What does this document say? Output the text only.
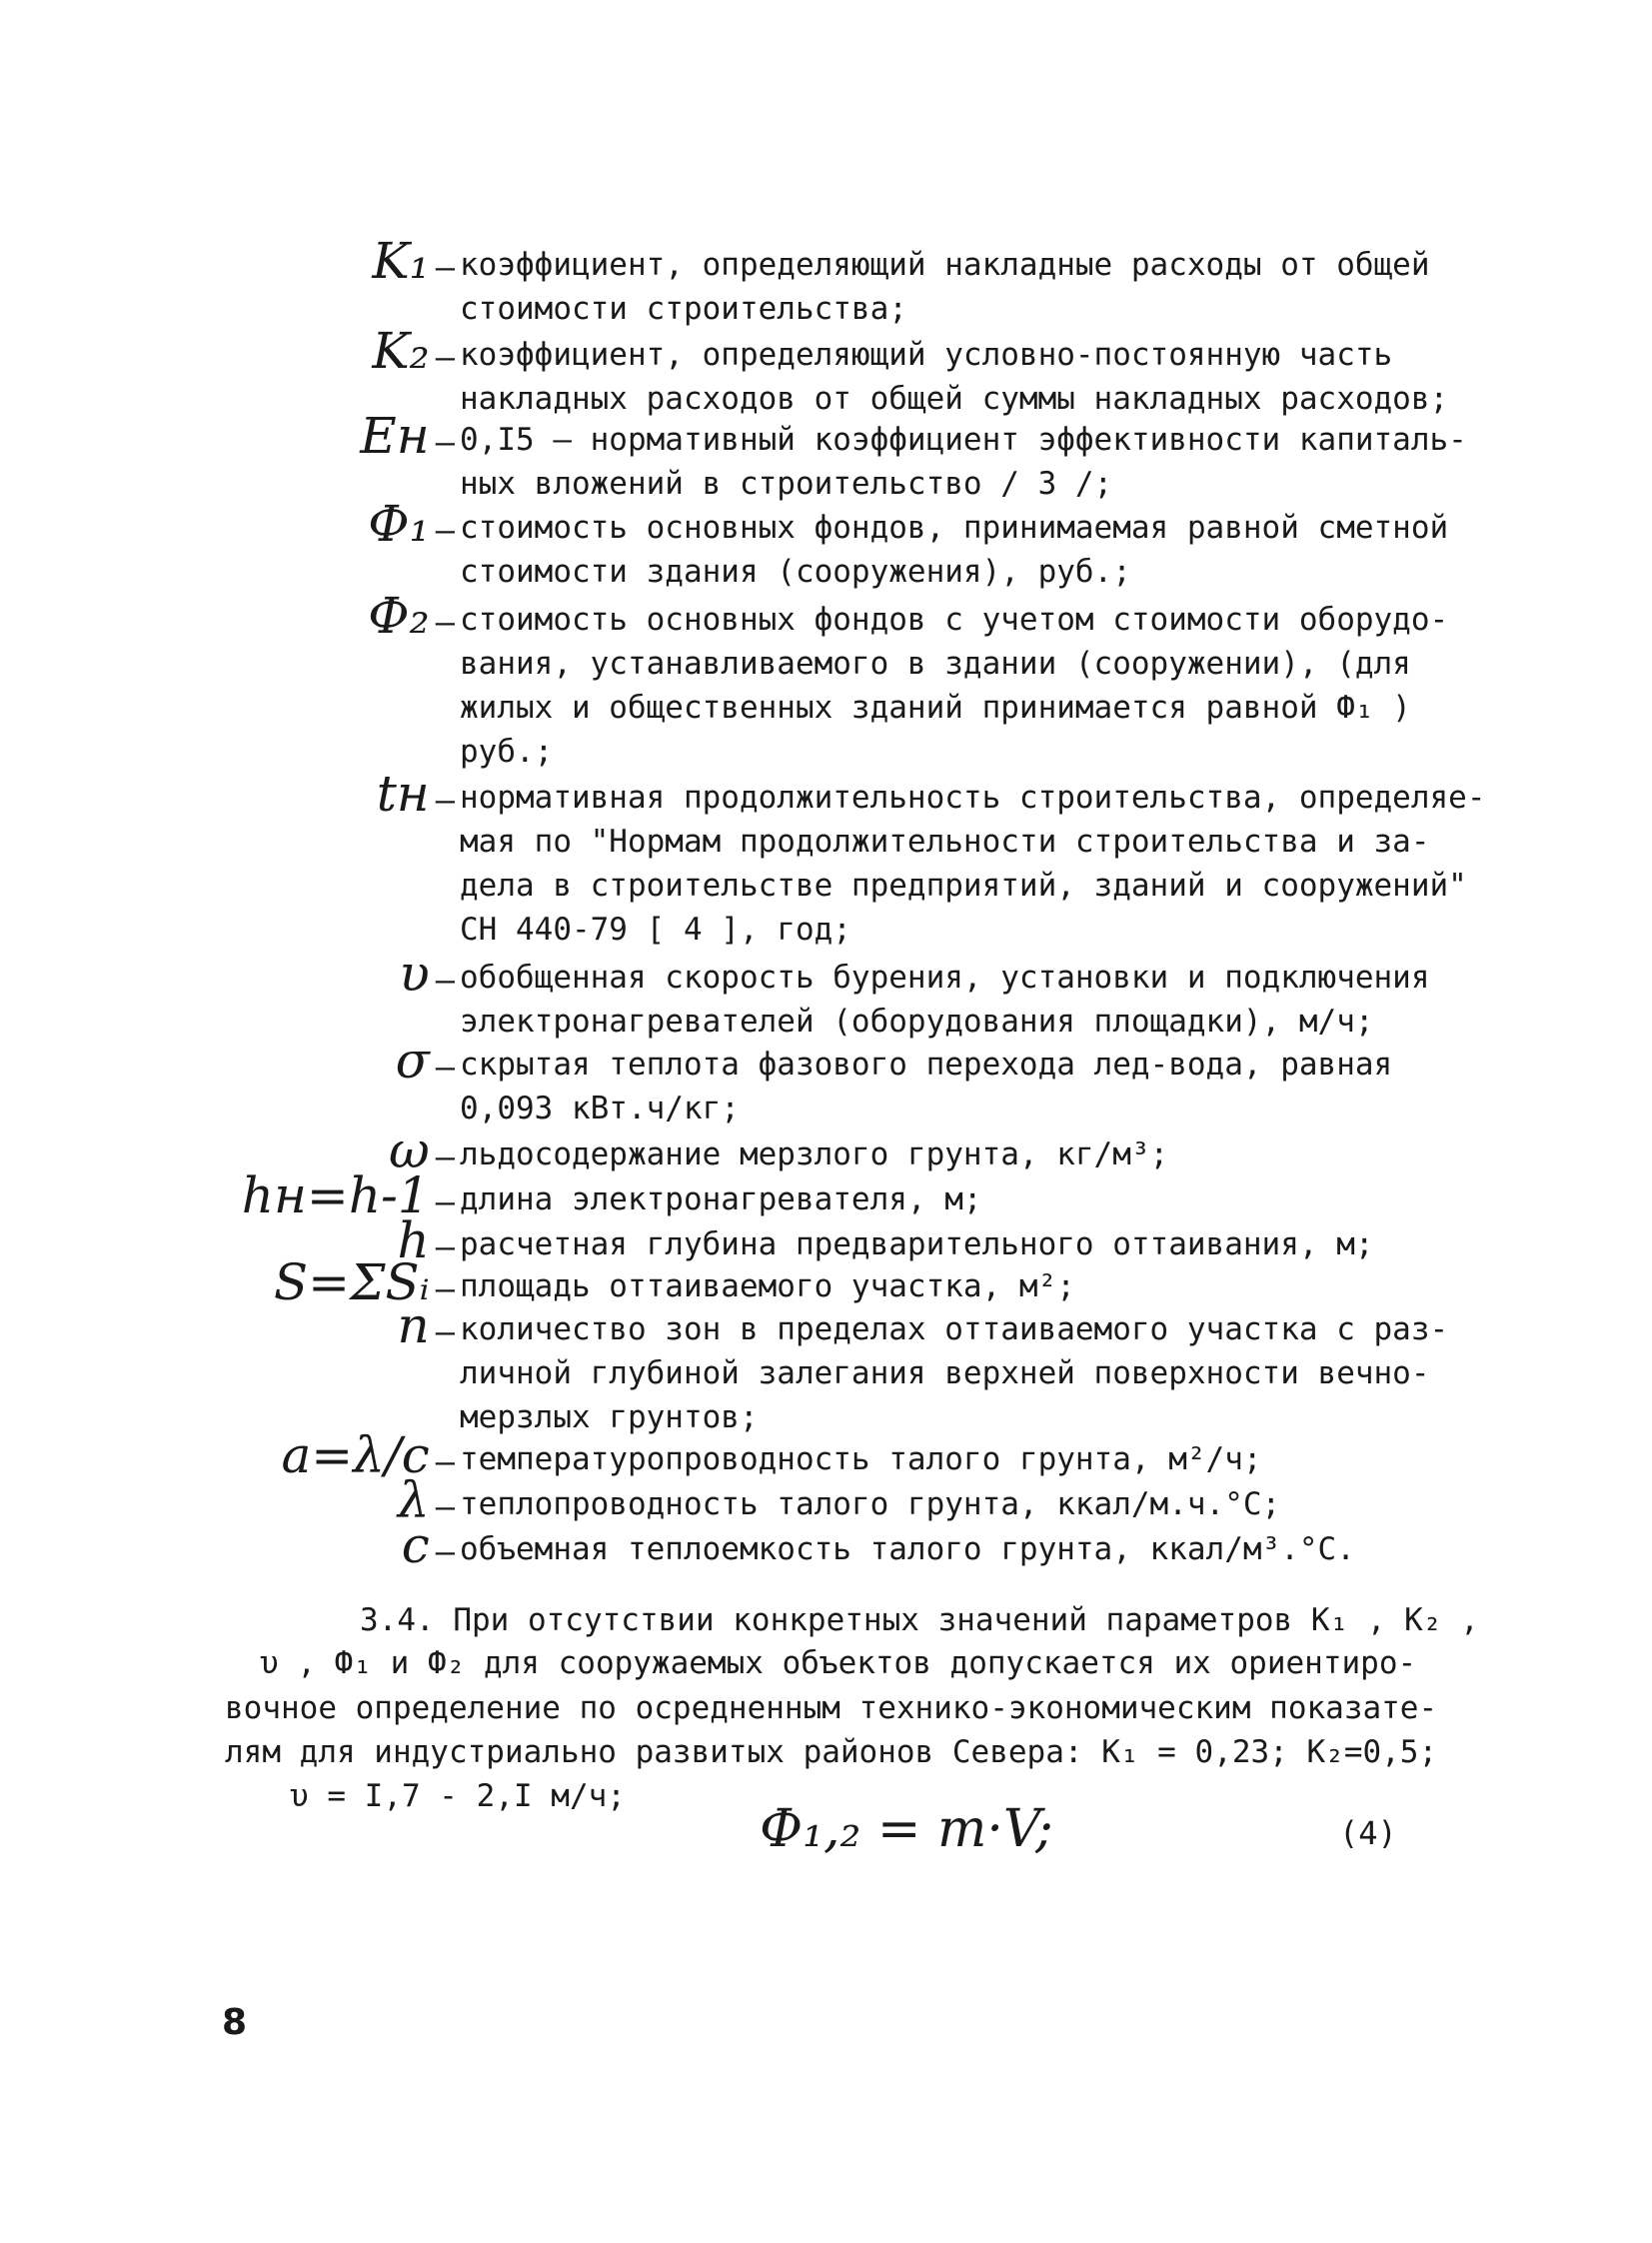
K₁ – коэффициент, определяющий накладные расходы от общей
стоимости строительства;
K₂ – коэффициент, определяющий условно-постоянную часть
накладных расходов от общей суммы накладных расходов;
Eн – 0,I5 – нормативный коэффициент эффективности капиталь-
ных вложений в строительство / 3 /;
Ф₁ – стоимость основных фондов, принимаемая равной сметной
стоимости здания (сооружения), руб.;
Ф₂ – стоимость основных фондов с учетом стоимости оборудо-
вания, устанавливаемого в здании (сооружении), (для
жилых и общественных зданий принимается равной Ф₁ )
руб.;
tн – нормативная продолжительность строительства, определяе-
мая по "Нормам продолжительности строительства и за-
дела в строительстве предприятий, зданий и сооружений"
СН 440-79 [ 4 ], год;
υ – обобщенная скорость бурения, установки и подключения
электронагревателей (оборудования площадки), м/ч;
σ – скрытая теплота фазового перехода лед-вода, равная
0,093 кВт.ч/кг;
ω – льдосодержание мерзлого грунта, кг/м³;
hн=h-1 – длина электронагревателя, м;
h – расчетная глубина предварительного оттаивания, м;
S=ΣSᵢ – площадь оттаиваемого участка, м²;
n – количество зон в пределах оттаиваемого участка с раз-
личной глубиной залегания верхней поверхности вечно-
мерзлых грунтов;
a=λ/c – температуропроводность талого грунта, м²/ч;
λ – теплопроводность талого грунта, ккал/м.ч.°С;
c – объемная теплоемкость талого грунта, ккал/м³.°С.
3.4. При отсутствии конкретных значений параметров K₁ , K₂ ,
υ , Ф₁ и Ф₂ для сооружаемых объектов допускается их ориентиро-
вочное определение по осредненным технико-экономическим показате-
лям для индустриально развитых районов Севера: K₁ = 0,23; K₂=0,5;
υ = I,7 - 2,I м/ч;
Ф₁,₂ = m·V;	(4)
8
